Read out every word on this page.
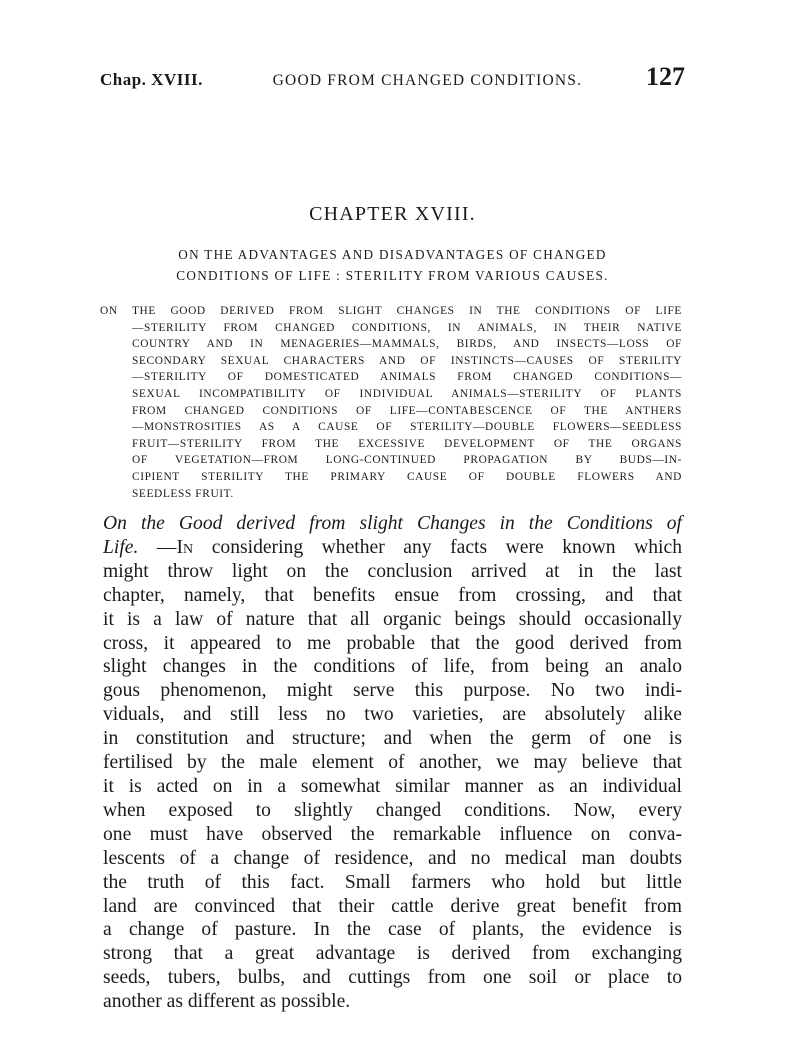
Chap. XVIII.	GOOD FROM CHANGED CONDITIONS.	127
CHAPTER XVIII.
ON THE ADVANTAGES AND DISADVANTAGES OF CHANGED
CONDITIONS OF LIFE : STERILITY FROM VARIOUS CAUSES.
ON THE GOOD DERIVED FROM SLIGHT CHANGES IN THE CONDITIONS OF LIFE
—STERILITY FROM CHANGED CONDITIONS, IN ANIMALS, IN THEIR NATIVE
COUNTRY AND IN MENAGERIES—MAMMALS, BIRDS, AND INSECTS—LOSS OF
SECONDARY SEXUAL CHARACTERS AND OF INSTINCTS—CAUSES OF STERILITY
—STERILITY OF DOMESTICATED ANIMALS FROM CHANGED CONDITIONS—
SEXUAL INCOMPATIBILITY OF INDIVIDUAL ANIMALS—STERILITY OF PLANTS
FROM CHANGED CONDITIONS OF LIFE—CONTABESCENCE OF THE ANTHERS
—MONSTROSITIES AS A CAUSE OF STERILITY—DOUBLE FLOWERS—SEEDLESS
FRUIT—STERILITY FROM THE EXCESSIVE DEVELOPMENT OF THE ORGANS
OF VEGETATION—FROM LONG-CONTINUED PROPAGATION BY BUDS—IN-
CIPIENT STERILITY THE PRIMARY CAUSE OF DOUBLE FLOWERS AND
SEEDLESS FRUIT.
On the Good derived from slight Changes in the Conditions of
Life. —In considering whether any facts were known which
might throw light on the conclusion arrived at in the last
chapter, namely, that benefits ensue from crossing, and that
it is a law of nature that all organic beings should occasionally
cross, it appeared to me probable that the good derived from
slight changes in the conditions of life, from being an analo
gous phenomenon, might serve this purpose. No two indi-
viduals, and still less no two varieties, are absolutely alike
in constitution and structure; and when the germ of one is
fertilised by the male element of another, we may believe that
it is acted on in a somewhat similar manner as an individual
when exposed to slightly changed conditions. Now, every
one must have observed the remarkable influence on conva-
lescents of a change of residence, and no medical man doubts
the truth of this fact. Small farmers who hold but little
land are convinced that their cattle derive great benefit from
a change of pasture. In the case of plants, the evidence is
strong that a great advantage is derived from exchanging
seeds, tubers, bulbs, and cuttings from one soil or place to
another as different as possible.
